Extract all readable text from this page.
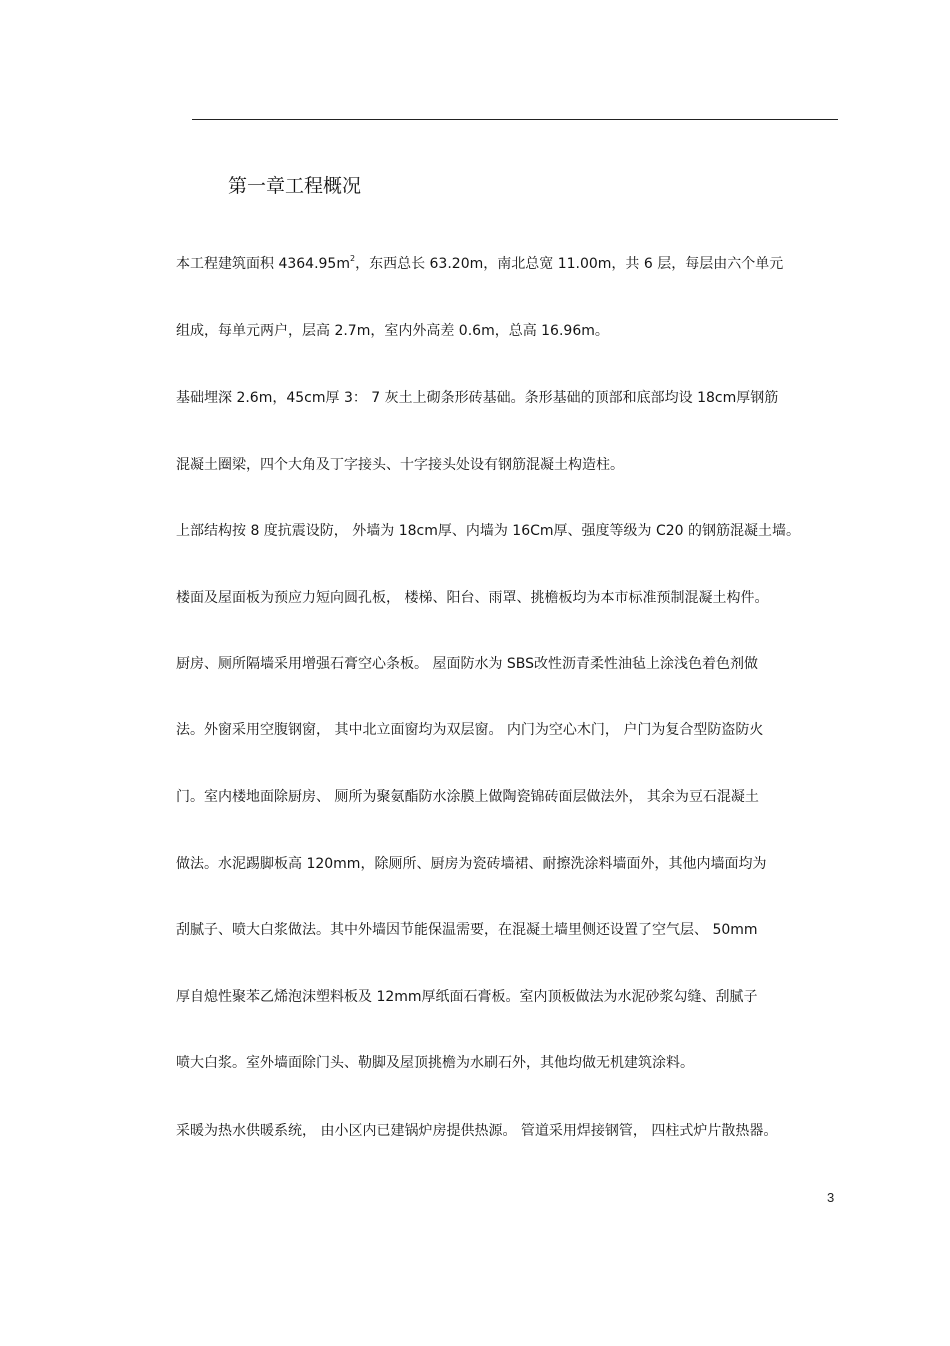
第一章工程概况
本工程建筑面积 $4364.95m^2$，东西总长 63.20m，南北总宽 11.00m，共 6 层，每层由六个单元
组成，每单元两户，层高 2.7m，室内外高差 0.6m，总高 16.96m。
基础埋深 2.6m，45cm厚 3： 7 灰土上砌条形砖基础。条形基础的顶部和底部均设 18cm厚钢筋
混凝土圈梁，四个大角及丁字接头、十字接头处设有钢筋混凝土构造柱。
上部结构按 8 度抗震设防， 外墙为 18cm厚、内墙为 16Cm厚、强度等级为 C20 的钢筋混凝土墙。
楼面及屋面板为预应力短向圆孔板， 楼梯、阳台、雨罩、挑檐板均为本市标准预制混凝土构件。
厨房、厕所隔墙采用增强石膏空心条板。 屋面防水为 SBS改性沥青柔性油毡上涂浅色着色剂做
法。外窗采用空腹钢窗， 其中北立面窗均为双层窗。 内门为空心木门， 户门为复合型防盗防火
门。室内楼地面除厨房、 厕所为聚氨酯防水涂膜上做陶瓷锦砖面层做法外， 其余为豆石混凝土
做法。水泥踢脚板高 120mm，除厕所、厨房为瓷砖墙裙、耐擦洗涂料墙面外，其他内墙面均为
刮腻子、喷大白浆做法。其中外墙因节能保温需要，在混凝土墙里侧还设置了空气层、 50mm
厚自熄性聚苯乙烯泡沫塑料板及 12mm厚纸面石膏板。室内顶板做法为水泥砂浆勾缝、刮腻子
喷大白浆。室外墙面除门头、勒脚及屋顶挑檐为水刷石外，其他均做无机建筑涂料。
采暖为热水供暖系统， 由小区内已建锅炉房提供热源。 管道采用焊接钢管， 四柱式炉片散热器。
3
